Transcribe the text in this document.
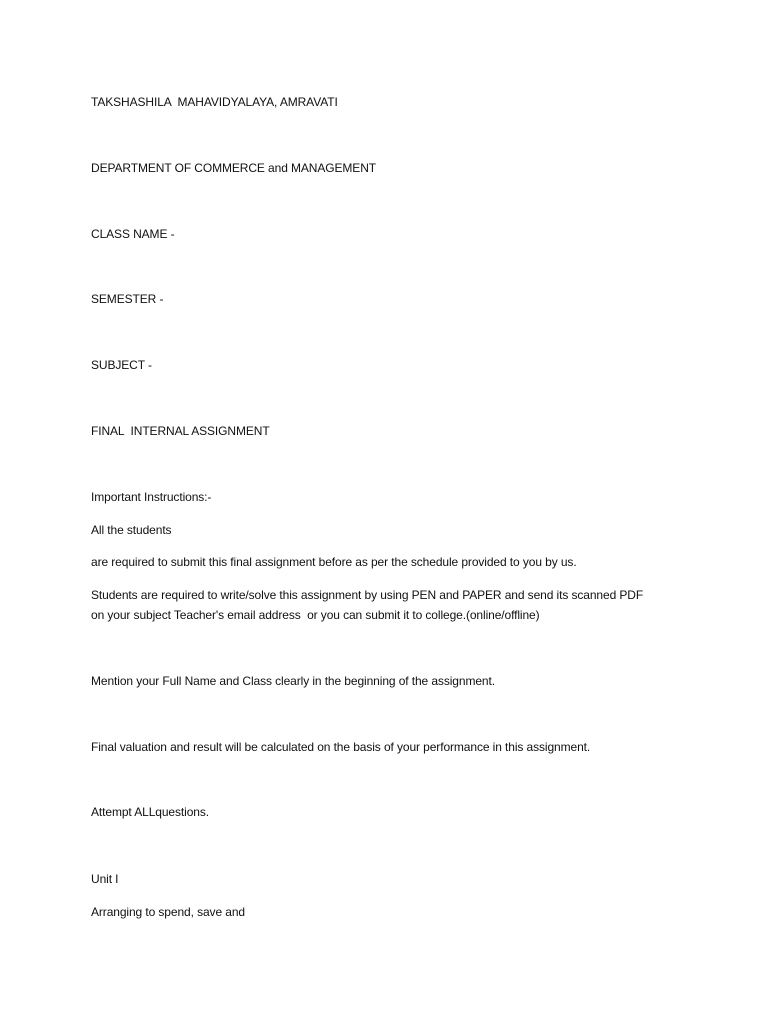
TAKSHASHILA  MAHAVIDYALAYA, AMRAVATI
DEPARTMENT OF COMMERCE and MANAGEMENT
CLASS NAME -
SEMESTER -
SUBJECT -
FINAL  INTERNAL ASSIGNMENT
Important Instructions:-
All the students
are required to submit this final assignment before as per the schedule provided to you by us.
Students are required to write/solve this assignment by using PEN and PAPER and send its scanned PDF
on your subject Teacher's email address  or you can submit it to college.(online/offline)
Mention your Full Name and Class clearly in the beginning of the assignment.
Final valuation and result will be calculated on the basis of your performance in this assignment.
Attempt ALLquestions.
Unit I
Arranging to spend, save and
